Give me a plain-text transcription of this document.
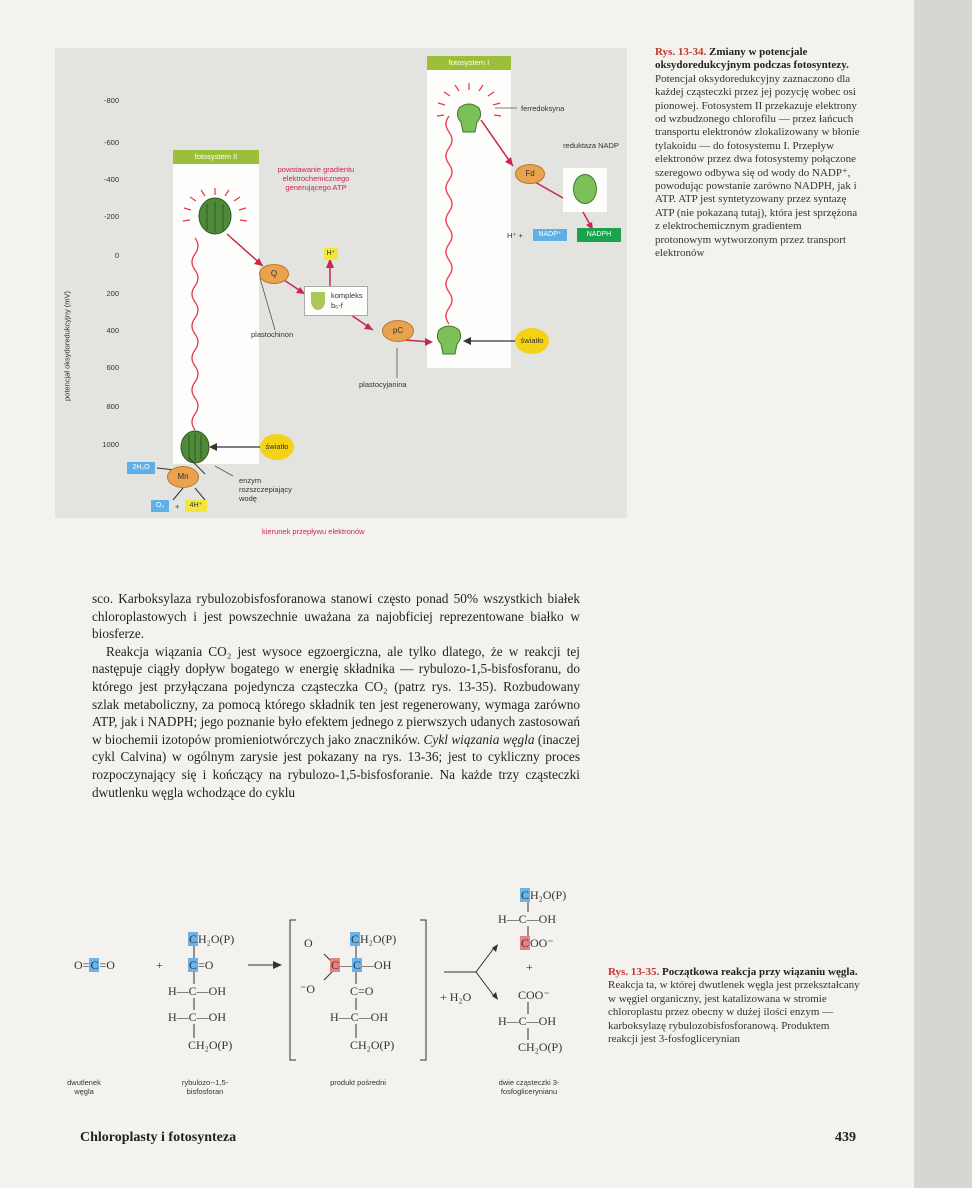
potencjał oksydoredukcyjny (mV)
-800
-600
-400
-200
0
200
400
600
800
1000
fotosystem II
fotosystem I
powstawanie gradientu elektrochemicznego generującego ATP
Q
H⁺
kompleks
b₆-f
plastochinon	pC
plastocyjanina
światło
światło
ferredoksyna
Fd
reduktaza NADP
H⁺ +	NADP⁺	NADPH
2H₂O
Mn
O₂	+	4H⁺
enzym rozszczepiający wodę
kierunek przepływu elektronów
Rys. 13-34. Zmiany w potencjale oksydoredukcyjnym podczas fotosyntezy. Potencjał oksydoredukcyjny zaznaczono dla każdej cząsteczki przez jej pozycję wobec osi pionowej. Fotosystem II przekazuje elektrony od wzbudzonego chlorofilu — przez łańcuch transportu elektronów zlokalizowany w błonie tylakoidu — do fotosystemu I. Przepływ elektronów przez dwa fotosystemy połączone szeregowo odbywa się od wody do NADP⁺, powodując powstanie zarówno NADPH, jak i ATP. ATP jest syntetyzowany przez syntazę ATP (nie pokazaną tutaj), która jest sprzężona z elektrochemicznym gradientem protonowym wytworzonym przez transport elektronów

sco. Karboksylaza rybulozobisfosforanowa stanowi często ponad 50% wszystkich białek chloroplastowych i jest powszechnie uważana za najobficiej reprezentowane białko w biosferze.

Reakcja wiązania CO₂ jest wysoce egzoergiczna, ale tylko dlatego, że w reakcji tej następuje ciągły dopływ bogatego w energię składnika — rybulozo-1,5-bisfosforanu, do którego jest przyłączana pojedyncza cząsteczka CO₂ (patrz rys. 13-35). Rozbudowany szlak metaboliczny, za pomocą którego składnik ten jest regenerowany, wymaga zarówno ATP, jak i NADPH; jego poznanie było efektem jednego z pierwszych udanych zastosowań w biochemii izotopów promieniotwórczych jako znaczników. Cykl wiązania węgla (inaczej cykl Calvina) w ogólnym zarysie jest pokazany na rys. 13-36; jest to cykliczny proces rozpoczynający się i kończący na rybulozo-1,5-bisfosforanie. Na każde trzy cząsteczki dwutlenku węgla wchodzące do cyklu

O=C=O	+
CH₂O(P)
C=O
H—C—OH
H—C—OH
CH₂O(P)
O
⁻O
CH₂O(P)
C—C—OH
C=O
H—C—OH
CH₂O(P)
+ H₂O
CH₂O(P)
H—C—OH
COO⁻
+
COO⁻
H—C—OH
CH₂O(P)
dwutlenek węgla
rybulozo--1,5-bisfosforan
produkt pośredni	dwie cząsteczki 3-fosfoglicerynianu
Rys. 13-35. Początkowa reakcja przy wiązaniu węgla. Reakcja ta, w której dwutlenek węgla jest przekształcany w węgiel organiczny, jest katalizowana w stromie chloroplastu przez obecny w dużej ilości enzym — karboksylazę rybulozobisfosforanową. Produktem reakcji jest 3-fosfoglicerynian
Chloroplasty i fotosynteza	439
